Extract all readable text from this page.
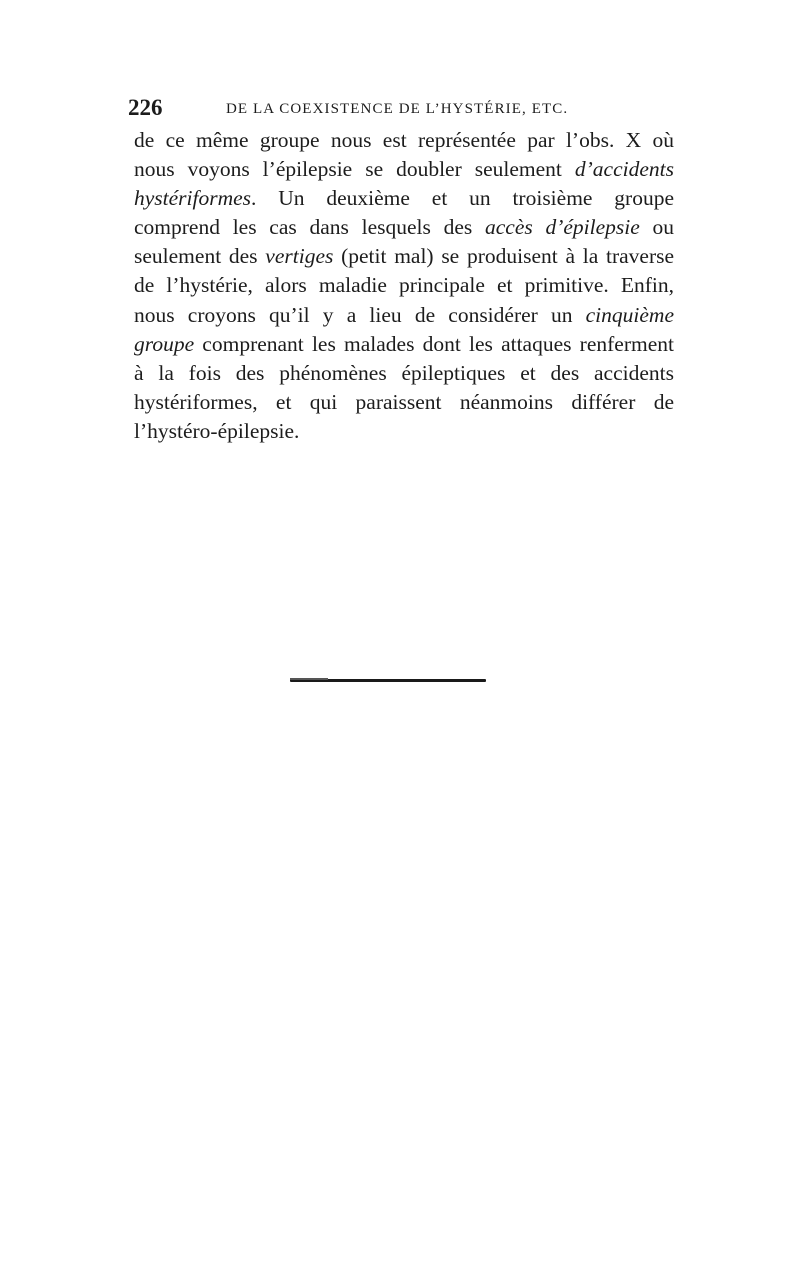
226	DE LA COEXISTENCE DE L’HYSTÉRIE, ETC.
de ce même groupe nous est représentée par l’obs. X où
nous voyons l’épilepsie se doubler seulement d’accidents
hystériformes. Un deuxième et un troisième groupe
comprend les cas dans lesquels des accès d’épilepsie ou
seulement des vertiges (petit mal) se produisent à la traverse
de l’hystérie, alors maladie principale et primitive. Enfin,
nous croyons qu’il y a lieu de considérer un cinquième
groupe comprenant les malades dont les attaques renferment
à la fois des phénomènes épileptiques et des accidents
hystériformes, et qui paraissent néanmoins différer de
l’hystéro-épilepsie.
